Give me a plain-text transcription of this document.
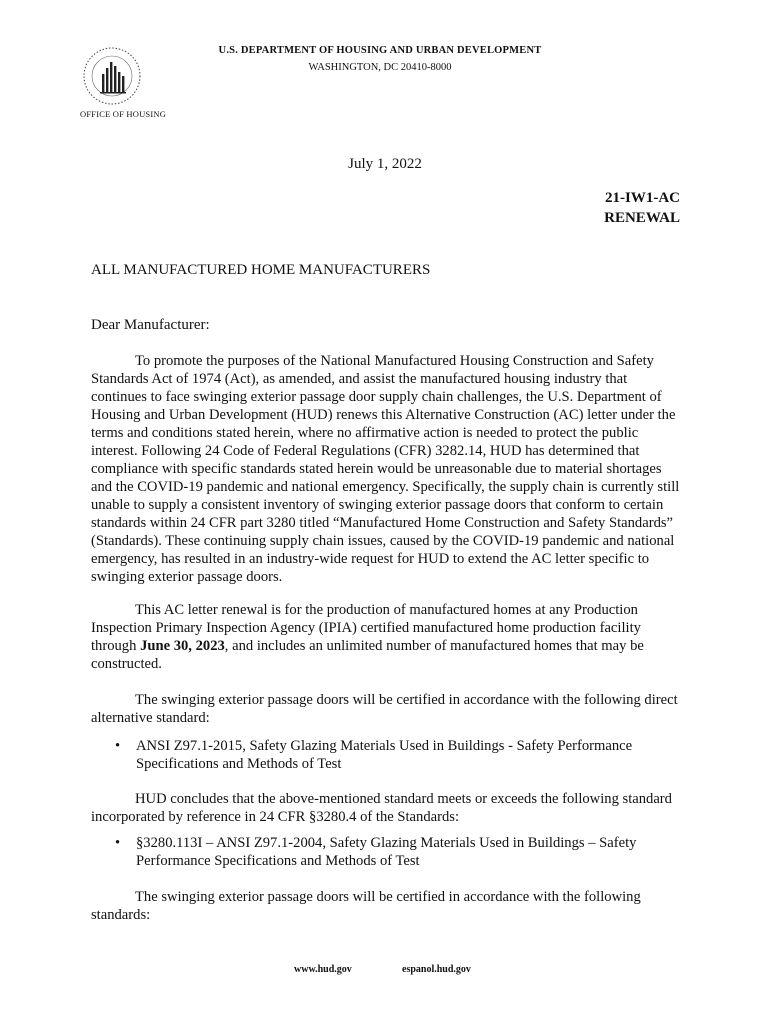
U.S. DEPARTMENT OF HOUSING AND URBAN DEVELOPMENT
WASHINGTON, DC 20410-8000
OFFICE OF HOUSING
July 1, 2022
21-IW1-AC
RENEWAL
ALL MANUFACTURED HOME MANUFACTURERS
Dear Manufacturer:

To promote the purposes of the National Manufactured Housing Construction and Safety Standards Act of 1974 (Act), as amended, and assist the manufactured housing industry that continues to face swinging exterior passage door supply chain challenges, the U.S. Department of Housing and Urban Development (HUD) renews this Alternative Construction (AC) letter under the terms and conditions stated herein, where no affirmative action is needed to protect the public interest. Following 24 Code of Federal Regulations (CFR) 3282.14, HUD has determined that compliance with specific standards stated herein would be unreasonable due to material shortages and the COVID-19 pandemic and national emergency. Specifically, the supply chain is currently still unable to supply a consistent inventory of swinging exterior passage doors that conform to certain standards within 24 CFR part 3280 titled “Manufactured Home Construction and Safety Standards” (Standards). These continuing supply chain issues, caused by the COVID-19 pandemic and national emergency, has resulted in an industry-wide request for HUD to extend the AC letter specific to swinging exterior passage doors.

This AC letter renewal is for the production of manufactured homes at any Production Inspection Primary Inspection Agency (IPIA) certified manufactured home production facility through June 30, 2023, and includes an unlimited number of manufactured homes that may be constructed.

The swinging exterior passage doors will be certified in accordance with the following direct alternative standard:

• ANSI Z97.1-2015, Safety Glazing Materials Used in Buildings - Safety Performance Specifications and Methods of Test

HUD concludes that the above-mentioned standard meets or exceeds the following standard incorporated by reference in 24 CFR §3280.4 of the Standards:

• §3280.113I – ANSI Z97.1-2004, Safety Glazing Materials Used in Buildings – Safety Performance Specifications and Methods of Test

The swinging exterior passage doors will be certified in accordance with the following standards:

www.hud.gov	espanol.hud.gov
